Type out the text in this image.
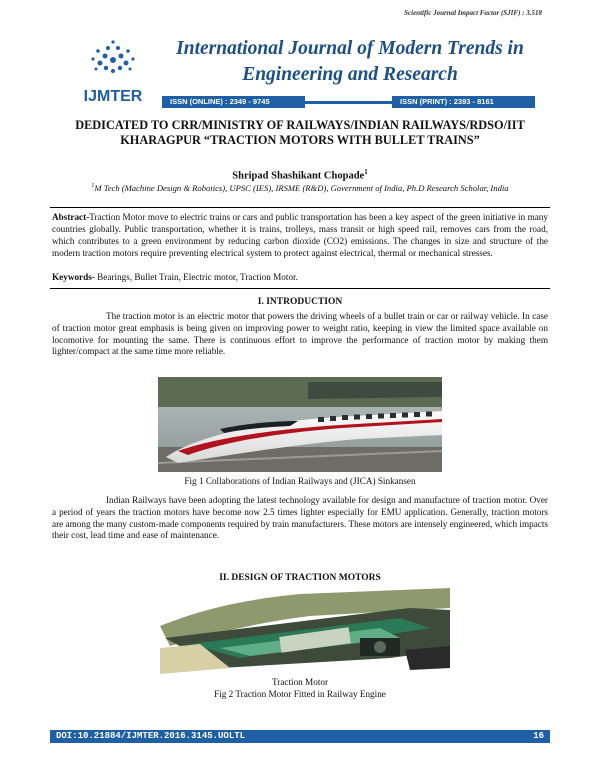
Scientific Journal Impact Factor (SJIF) : 3.518
IJMTER
International Journal of Modern Trends in Engineering and Research
ISSN (ONLINE) : 2349 - 9745	ISSN (PRINT) : 2393 - 8161
DEDICATED TO CRR/MINISTRY OF RAILWAYS/INDIAN RAILWAYS/RDSO/IIT KHARAGPUR “TRACTION MOTORS WITH BULLET TRAINS”
Shripad Shashikant Chopade$^1$
$^1$M Tech (Machine Design & Robotics), UPSC (IES), IRSME (R&D), Government of India, Ph.D Research Scholar, India
Abstract-Traction Motor move to electric trains or cars and public transportation has been a key aspect of the green initiative in many countries globally. Public transportation, whether it is trains, trolleys, mass transit or high speed rail, removes cars from the road, which contributes to a green environment by reducing carbon dioxide (CO2) emissions. The changes in size and structure of the modern traction motors require preventing electrical system to protect against electrical, thermal or mechanical stresses.
Keywords- Bearings, Bullet Train, Electric motor, Traction Motor.
I. INTRODUCTION
The traction motor is an electric motor that powers the driving wheels of a bullet train or car or railway vehicle. In case of traction motor great emphasis is being given on improving power to weight ratio, keeping in view the limited space available on locomotive for mounting the same. There is continuous effort to improve the performance of traction motor by making them lighter/compact at the same time more reliable.
Fig 1 Collaborations of Indian Railways and (JICA) Sinkansen
Indian Railways have been adopting the latest technology available for design and manufacture of traction motor. Over a period of years the traction motors have become now 2.5 times lighter especially for EMU application. Generally, traction motors are among the many custom-made components required by train manufacturers. These motors are intensely engineered, which impacts their cost, lead time and ease of maintenance.
II. DESIGN OF TRACTION MOTORS
Traction Motor
Fig 2 Traction Motor Fitted in Railway Engine
DOI:10.21884/IJMTER.2016.3145.UOLTL	16
